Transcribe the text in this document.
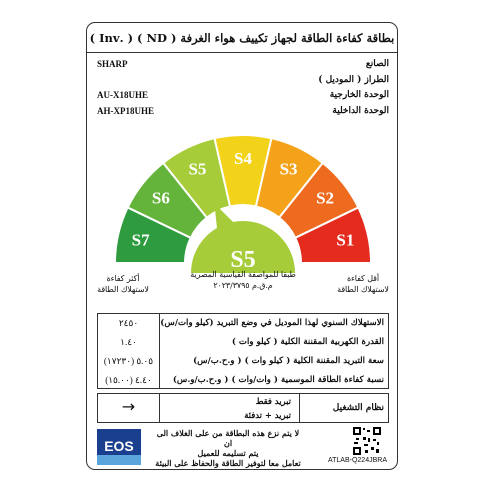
بطاقة كفاءة الطاقة لجهاز تكييف هواء الغرفة ( ND ) ( .Inv )
الصانع
الطراز ( الموديل )
الوحدة الخارجية
الوحدة الداخلية
SHARP
AU-X18UHE
AH-XP18UHE
S7
S6
S5
S4
S3
S2
S1
S5
أكثر كفاءة
لاستهلاك الطاقة
طبقا للمواصفة القياسية المصرية
م.ق.م ٢٠٢٣/٣٧٩٥
أقل كفاءة
لاستهلاك الطاقة
٢٤٥٠
١.٤٠
٥.٠٥ (١٧٢٣٠)
٤.٤٠ (١٥.٠٠)
الاستهلاك السنوي لهذا الموديل في وضع التبريد (كيلو وات/س)
القدرة الكهربية المقننة الكلية ( كيلو وات )
سعة التبريد المقننة الكلية ( كيلو وات ) ( و.ح.ب/س)
نسبة كفاءة الطاقة الموسمية ( وات/وات ) ( و.ح.ب/و.س)
→	تبريد فقط
تبريد + تدفئة
نظام التشغيل
EOS
لا يتم نزع هذه البطاقة من على الغلاف الى ان
يتم تسليمه للعميل
تعامل معا لتوفير الطاقة والحفاظ على البيئة	ATLAB-Q224JBRA
